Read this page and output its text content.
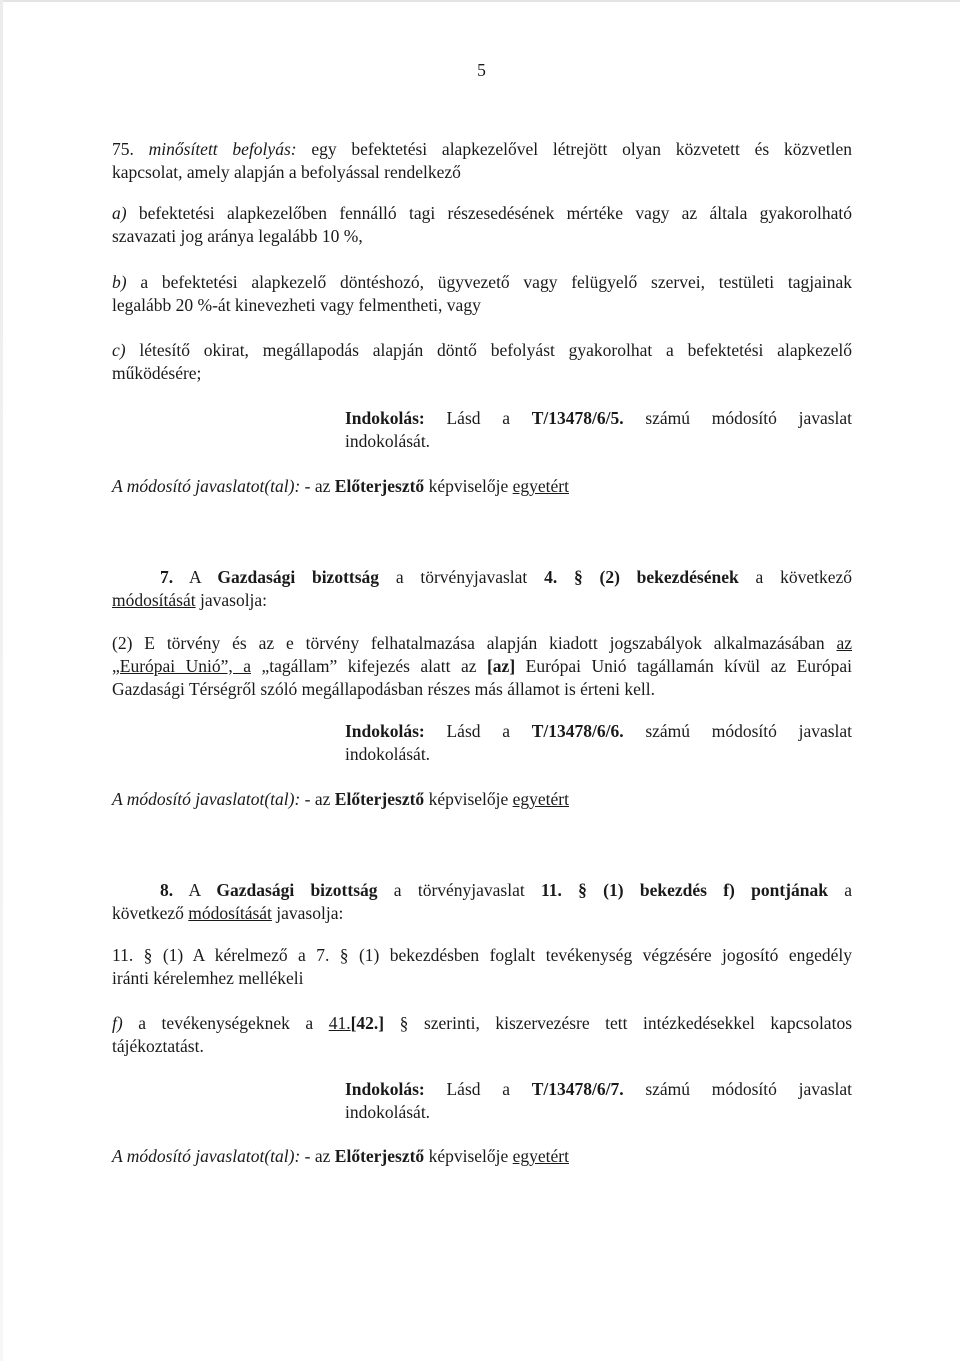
5

75. minősített befolyás: egy befektetési alapkezelővel létrejött olyan közvetett és közvetlen

kapcsolat, amely alapján a befolyással rendelkező

a) befektetési alapkezelőben fennálló tagi részesedésének mértéke vagy az általa gyakorolható

szavazati jog aránya legalább 10 %,

b) a befektetési alapkezelő döntéshozó, ügyvezető vagy felügyelő szervei, testületi tagjainak

legalább 20 %-át kinevezheti vagy felmentheti, vagy

c) létesítő okirat, megállapodás alapján döntő befolyást gyakorolhat a befektetési alapkezelő

működésére;

Indokolás: Lásd a T/13478/6/5. számú módosító javaslat
indokolását.

A módosító javaslatot(tal): - az Előterjesztő képviselője egyetért

7. A Gazdasági bizottság a törvényjavaslat 4. § (2) bekezdésének a következő

módosítását javasolja:

(2) E törvény és az e törvény felhatalmazása alapján kiadott jogszabályok alkalmazásában az

„Európai Unió”, a „tagállam” kifejezés alatt az [az] Európai Unió tagállamán kívül az Európai

Gazdasági Térségről szóló megállapodásban részes más államot is érteni kell.

Indokolás: Lásd a T/13478/6/6. számú módosító javaslat
indokolását.

A módosító javaslatot(tal): - az Előterjesztő képviselője egyetért

8. A Gazdasági bizottság a törvényjavaslat 11. § (1) bekezdés f) pontjának a

következő módosítását javasolja:

11. § (1) A kérelmező a 7. § (1) bekezdésben foglalt tevékenység végzésére jogosító engedély

iránti kérelemhez mellékeli

f) a tevékenységeknek a 41.[42.] § szerinti, kiszervezésre tett intézkedésekkel kapcsolatos

tájékoztatást.

Indokolás: Lásd a T/13478/6/7. számú módosító javaslat
indokolását.

A módosító javaslatot(tal): - az Előterjesztő képviselője egyetért
